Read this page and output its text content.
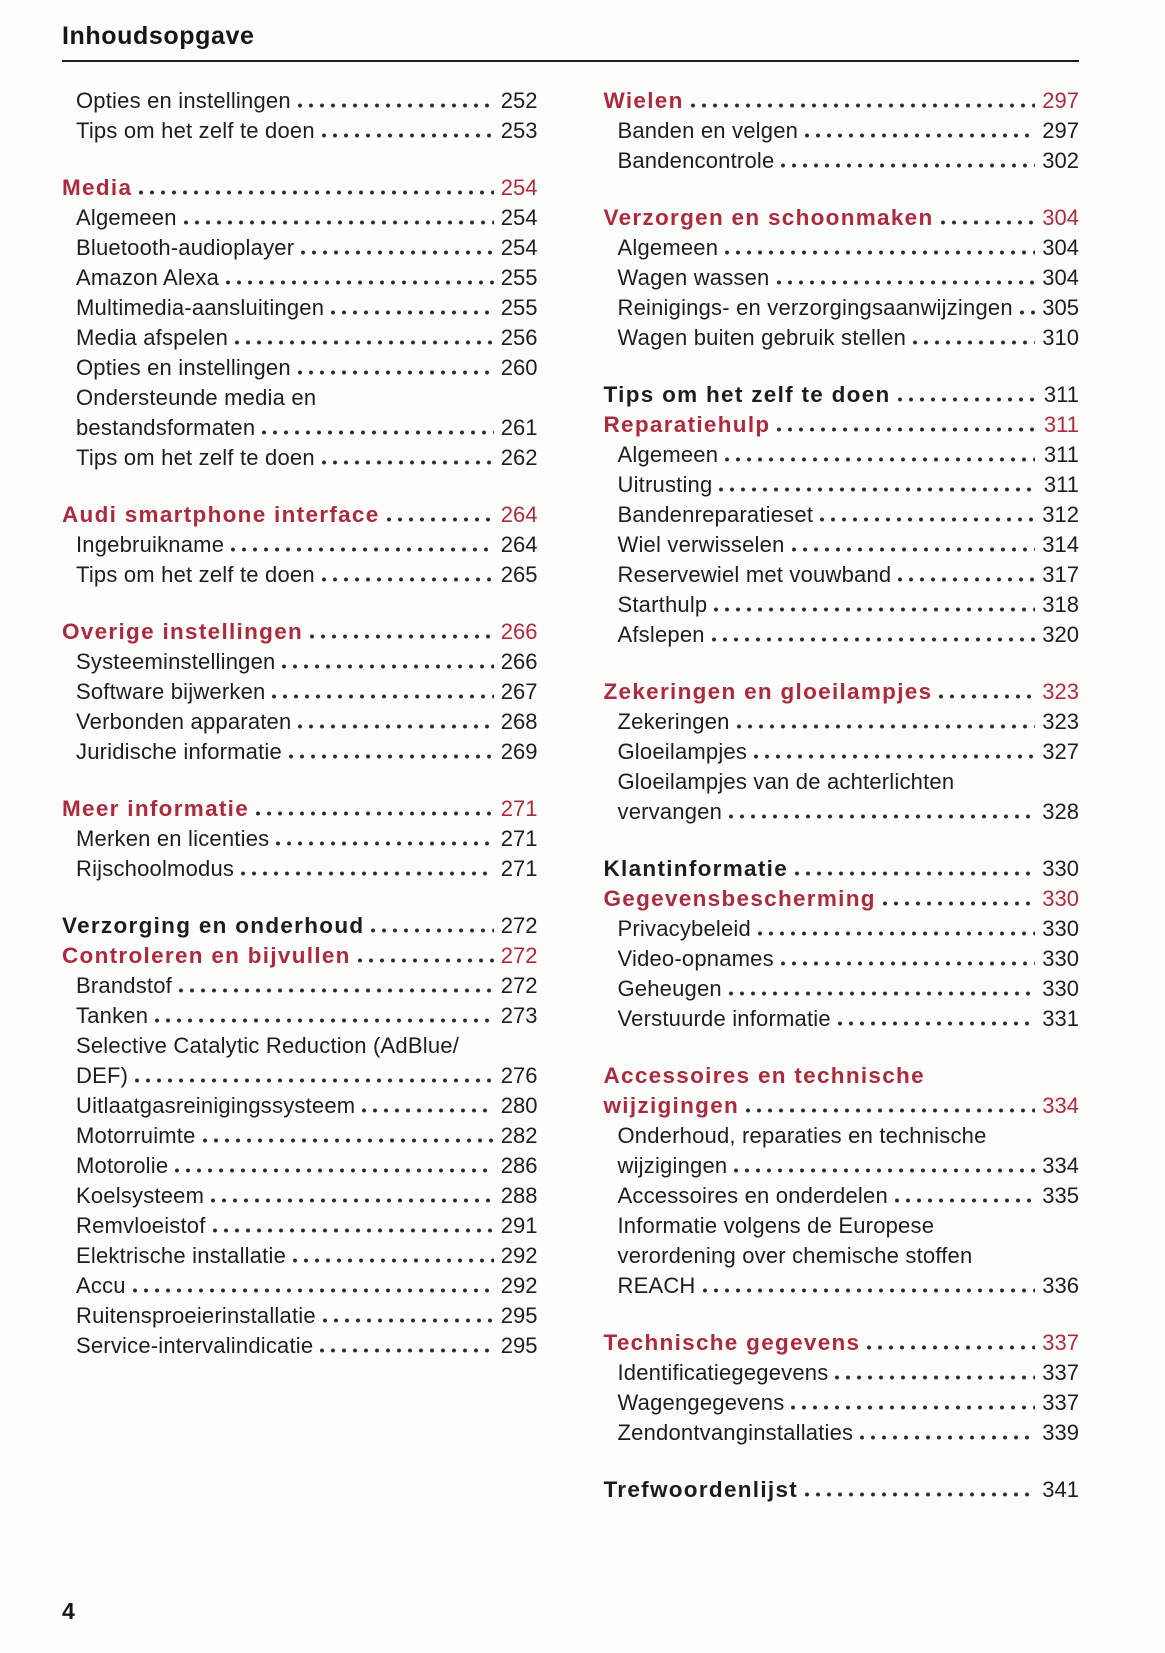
Inhoudsopgave
Opties en instellingen	252
Tips om het zelf te doen	253
Media	254
Algemeen	254
Bluetooth-audioplayer	254
Amazon Alexa	255
Multimedia-aansluitingen	255
Media afspelen	256
Opties en instellingen	260
Ondersteunde media en
bestandsformaten	261
Tips om het zelf te doen	262
Audi smartphone interface	264
Ingebruikname	264
Tips om het zelf te doen	265
Overige instellingen	266
Systeeminstellingen	266
Software bijwerken	267
Verbonden apparaten	268
Juridische informatie	269
Meer informatie	271
Merken en licenties	271
Rijschoolmodus	271
Verzorging en onderhoud	272
Controleren en bijvullen	272
Brandstof	272
Tanken	273
Selective Catalytic Reduction (AdBlue/
DEF)	276
Uitlaatgasreinigingssysteem	280
Motorruimte	282
Motorolie	286
Koelsysteem	288
Remvloeistof	291
Elektrische installatie	292
Accu	292
Ruitensproeierinstallatie	295
Service-intervalindicatie	295
Wielen	297
Banden en velgen	297
Bandencontrole	302
Verzorgen en schoonmaken	304
Algemeen	304
Wagen wassen	304
Reinigings- en verzorgingsaanwijzingen 305
Wagen buiten gebruik stellen	310
Tips om het zelf te doen	311
Reparatiehulp	311
Algemeen	311
Uitrusting	311
Bandenreparatieset	312
Wiel verwisselen	314
Reservewiel met vouwband	317
Starthulp	318
Afslepen	320
Zekeringen en gloeilampjes	323
Zekeringen	323
Gloeilampjes	327
Gloeilampjes van de achterlichten
vervangen	328
Klantinformatie	330
Gegevensbescherming	330
Privacybeleid	330
Video-opnames	330
Geheugen	330
Verstuurde informatie	331
Accessoires en technische
wijzigingen	334
Onderhoud, reparaties en technische
wijzigingen	334
Accessoires en onderdelen	335
Informatie volgens de Europese
verordening over chemische stoffen
REACH	336
Technische gegevens	337
Identificatiegegevens	337
Wagengegevens	337
Zendontvanginstallaties	339
Trefwoordenlijst	341
4
